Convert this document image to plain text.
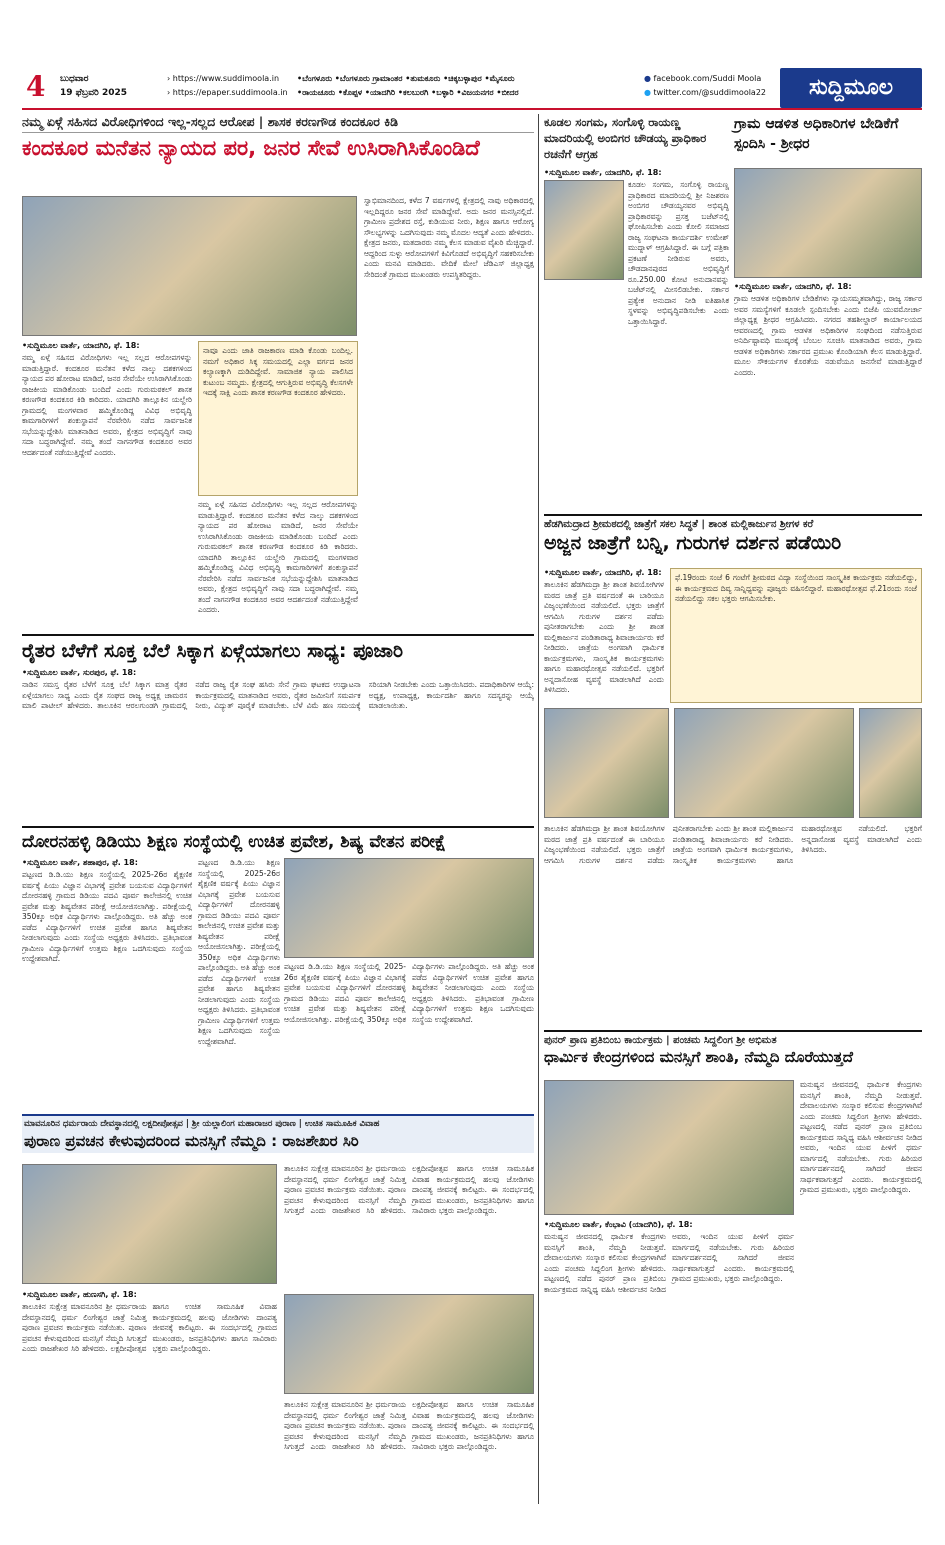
4 ಬುಧವಾರ
19 ಫೆಬ್ರವರಿ 2025
› https://www.suddimoola.in
› https://epaper.suddimoola.in
•ಬೆಂಗಳೂರು •ಬೆಂಗಳೂರು ಗ್ರಾಮಾಂತರ •ತುಮಕೂರು •ಚಿಕ್ಕಬಳ್ಳಾಪುರ •ಮೈಸೂರು
•ರಾಯಚೂರು •ಕೊಪ್ಪಳ •ಯಾದಗಿರಿ •ಕಲಬುರಗಿ •ಬಳ್ಳಾರಿ •ವಿಜಯನಗರ •ಬೀದರ
● facebook.com/Suddi Moola
● twitter.com/@suddimoola22	ಸುದ್ದಿಮೂಲ
ನಮ್ಮ ಏಳ್ಗೆ ಸಹಿಸದ ವಿರೋಧಿಗಳಿಂದ ಇಲ್ಲ-ಸಲ್ಲದ ಆರೋಪ | ಶಾಸಕ ಕರಣಗೌಡ ಕಂದಕೂರ ಕಿಡಿ
ಕಂದಕೂರ ಮನೆತನ ನ್ಯಾಯದ ಪರ, ಜನರ ಸೇವೆ ಉಸಿರಾಗಿಸಿಕೊಂಡಿದೆ
•ಸುದ್ದಿಮೂಲ ವಾರ್ತೆ, ಯಾದಗಿರಿ, ಫೆ. 18:
ನಮ್ಮ ಏಳ್ಗೆ ಸಹಿಸದ ವಿರೋಧಿಗಳು ಇಲ್ಲ ಸಲ್ಲದ ಆರೋಪಗಳನ್ನು ಮಾಡುತ್ತಿದ್ದಾರೆ. ಕಂದಕೂರ ಮನೆತನ ಕಳೆದ ನಾಲ್ಕು ದಶಕಗಳಿಂದ ನ್ಯಾಯದ ಪರ ಹೋರಾಟ ಮಾಡಿದೆ, ಜನರ ಸೇವೆಯೇ ಉಸಿರಾಗಿಸಿಕೊಂಡು ರಾಜಕೀಯ ಮಾಡಿಕೊಂಡು ಬಂದಿದೆ ಎಂದು ಗುರುಮಠಕಲ್ ಶಾಸಕ ಕರಣಗೌಡ ಕಂದಕೂರ ಕಿಡಿ ಕಾರಿದರು. ಯಾದಗಿರಿ ತಾಲ್ಲೂಕಿನ ಯಲ್ಹೇರಿ ಗ್ರಾಮದಲ್ಲಿ ಮಂಗಳವಾರ ಹಮ್ಮಿಕೊಂಡಿದ್ದ ವಿವಿಧ ಅಭಿವೃದ್ಧಿ ಕಾಮಗಾರಿಗಳಿಗೆ ಶಂಕುಸ್ಥಾಪನೆ ನೆರವೇರಿಸಿ ನಡೆದ ಸಾರ್ವಜನಿಕ ಸಭೆಯನ್ನುದ್ದೇಶಿಸಿ ಮಾತನಾಡಿದ ಅವರು, ಕ್ಷೇತ್ರದ ಅಭಿವೃದ್ಧಿಗೆ ನಾವು ಸದಾ ಬದ್ಧರಾಗಿದ್ದೇವೆ. ನಮ್ಮ ತಂದೆ ನಾಗನಗೌಡ ಕಂದಕೂರ ಅವರ ಆದರ್ಶದಂತೆ ನಡೆಯುತ್ತಿದ್ದೇವೆ ಎಂದರು.
ಸ್ವಾಭಿಮಾನದಿಂದ, ಕಳೆದ 7 ವರ್ಷಗಳಲ್ಲಿ ಕ್ಷೇತ್ರದಲ್ಲಿ ನಾವು ಅಧಿಕಾರದಲ್ಲಿ ಇಲ್ಲದಿದ್ದರೂ ಜನರ ಸೇವೆ ಮಾಡಿದ್ದೇವೆ. ಅದು ಜನರ ಮನಸ್ಸಿನಲ್ಲಿದೆ. ಗ್ರಾಮೀಣ ಪ್ರದೇಶದ ರಸ್ತೆ, ಕುಡಿಯುವ ನೀರು, ಶಿಕ್ಷಣ ಹಾಗೂ ಆರೋಗ್ಯ ಸೌಲಭ್ಯಗಳನ್ನು ಒದಗಿಸುವುದು ನಮ್ಮ ಮೊದಲ ಆದ್ಯತೆ ಎಂದು ಹೇಳಿದರು. ಕ್ಷೇತ್ರದ ಜನರು, ಮತದಾರರು ನಮ್ಮ ಕೆಲಸ ಮಾಡುವ ವೈಖರಿ ಮೆಚ್ಚಿದ್ದಾರೆ. ಆದ್ದರಿಂದ ಸುಳ್ಳು ಆರೋಪಗಳಿಗೆ ಕಿವಿಗೊಡದೆ ಅಭಿವೃದ್ಧಿಗೆ ಸಹಕರಿಸಬೇಕು ಎಂದು ಮನವಿ ಮಾಡಿದರು. ವೇದಿಕೆ ಮೇಲೆ ಜೆಡಿಎಸ್ ಜಿಲ್ಲಾಧ್ಯಕ್ಷ ಸೇರಿದಂತೆ ಗ್ರಾಮದ ಮುಖಂಡರು ಉಪಸ್ಥಿತರಿದ್ದರು.
ನಾವೂ ಎಂದು ಜಾತಿ ರಾಜಕಾರಣ ಮಾಡಿ ಕೊಂಡು ಬಂದಿಲ್ಲ. ನಮಗೆ ಅಧಿಕಾರ ಸಿಕ್ಕ ಸಮಯದಲ್ಲಿ ಎಲ್ಲಾ ವರ್ಗದ ಜನರ ಕಲ್ಯಾಣಕ್ಕಾಗಿ ದುಡಿದಿದ್ದೇವೆ. ಸಾಮಾಜಿಕ ನ್ಯಾಯ ಪಾಲಿಸಿದ ಕುಟುಂಬ ನಮ್ಮದು. ಕ್ಷೇತ್ರದಲ್ಲಿ ಆಗುತ್ತಿರುವ ಅಭಿವೃದ್ಧಿ ಕೆಲಸಗಳೇ ಇದಕ್ಕೆ ಸಾಕ್ಷಿ ಎಂದು ಶಾಸಕ ಕರಣಗೌಡ ಕಂದಕೂರ ಹೇಳಿದರು.
ನಮ್ಮ ಏಳ್ಗೆ ಸಹಿಸದ ವಿರೋಧಿಗಳು ಇಲ್ಲ ಸಲ್ಲದ ಆರೋಪಗಳನ್ನು ಮಾಡುತ್ತಿದ್ದಾರೆ. ಕಂದಕೂರ ಮನೆತನ ಕಳೆದ ನಾಲ್ಕು ದಶಕಗಳಿಂದ ನ್ಯಾಯದ ಪರ ಹೋರಾಟ ಮಾಡಿದೆ, ಜನರ ಸೇವೆಯೇ ಉಸಿರಾಗಿಸಿಕೊಂಡು ರಾಜಕೀಯ ಮಾಡಿಕೊಂಡು ಬಂದಿದೆ ಎಂದು ಗುರುಮಠಕಲ್ ಶಾಸಕ ಕರಣಗೌಡ ಕಂದಕೂರ ಕಿಡಿ ಕಾರಿದರು. ಯಾದಗಿರಿ ತಾಲ್ಲೂಕಿನ ಯಲ್ಹೇರಿ ಗ್ರಾಮದಲ್ಲಿ ಮಂಗಳವಾರ ಹಮ್ಮಿಕೊಂಡಿದ್ದ ವಿವಿಧ ಅಭಿವೃದ್ಧಿ ಕಾಮಗಾರಿಗಳಿಗೆ ಶಂಕುಸ್ಥಾಪನೆ ನೆರವೇರಿಸಿ ನಡೆದ ಸಾರ್ವಜನಿಕ ಸಭೆಯನ್ನುದ್ದೇಶಿಸಿ ಮಾತನಾಡಿದ ಅವರು, ಕ್ಷೇತ್ರದ ಅಭಿವೃದ್ಧಿಗೆ ನಾವು ಸದಾ ಬದ್ಧರಾಗಿದ್ದೇವೆ. ನಮ್ಮ ತಂದೆ ನಾಗನಗೌಡ ಕಂದಕೂರ ಅವರ ಆದರ್ಶದಂತೆ ನಡೆಯುತ್ತಿದ್ದೇವೆ ಎಂದರು.
ಕೂಡಲ ಸಂಗಮ, ಸಂಗೊಳ್ಳಿ ರಾಯಣ್ಣ ಮಾದರಿಯಲ್ಲಿ ಅಂಬಿಗರ ಚೌಡಯ್ಯ ಪ್ರಾಧಿಕಾರ ರಚನೆಗೆ ಆಗ್ರಹ
•ಸುದ್ದಿಮೂಲ ವಾರ್ತೆ, ಯಾದಗಿರಿ, ಫೆ. 18:
ಕೂಡಲ ಸಂಗಮ, ಸಂಗೊಳ್ಳಿ ರಾಯಣ್ಣ ಪ್ರಾಧಿಕಾರದ ಮಾದರಿಯಲ್ಲಿ ಶ್ರೀ ನಿಜಶರಣ ಅಂಬಿಗರ ಚೌಡಯ್ಯನವರ ಅಭಿವೃದ್ಧಿ ಪ್ರಾಧಿಕಾರವನ್ನು ಪ್ರಸಕ್ತ ಬಜೆಟ್‌ನಲ್ಲಿ ಘೋಷಿಸಬೇಕು ಎಂದು ಕೋಲಿ ಸಮಾಜದ ರಾಜ್ಯ ಸಂಘಟನಾ ಕಾರ್ಯದರ್ಶಿ ಉಮೇಶ್ ಮುದ್ನಾಳ್ ಆಗ್ರಹಿಸಿದ್ದಾರೆ. ಈ ಬಗ್ಗೆ ಪತ್ರಿಕಾ ಪ್ರಕಟಣೆ ನೀಡಿರುವ ಅವರು, ಚೌಡದಾನಪುರದ ಅಭಿವೃದ್ಧಿಗೆ ರೂ.250.00 ಕೋಟಿ ಅನುದಾನವನ್ನು ಬಜೆಟ್‌ನಲ್ಲಿ ಮೀಸಲಿಡಬೇಕು. ಸರ್ಕಾರ ಪ್ರತ್ಯೇಕ ಅನುದಾನ ನೀಡಿ ಐತಿಹಾಸಿಕ ಸ್ಥಳವನ್ನು ಅಭಿವೃದ್ಧಿಪಡಿಸಬೇಕು ಎಂದು ಒತ್ತಾಯಿಸಿದ್ದಾರೆ.
ಗ್ರಾಮ ಆಡಳಿತ ಅಧಿಕಾರಿಗಳ ಬೇಡಿಕೆಗೆ ಸ್ಪಂದಿಸಿ - ಶ್ರೀಧರ
•ಸುದ್ದಿಮೂಲ ವಾರ್ತೆ, ಯಾದಗಿರಿ, ಫೆ. 18:
ಗ್ರಾಮ ಆಡಳಿತ ಅಧಿಕಾರಿಗಳ ಬೇಡಿಕೆಗಳು ನ್ಯಾಯಸಮ್ಮತವಾಗಿದ್ದು, ರಾಜ್ಯ ಸರ್ಕಾರ ಅವರ ಸಮಸ್ಯೆಗಳಿಗೆ ಕೂಡಲೇ ಸ್ಪಂದಿಸಬೇಕು ಎಂದು ಬಿಜೆಪಿ ಯುವಮೋರ್ಚಾ ಜಿಲ್ಲಾಧ್ಯಕ್ಷ ಶ್ರೀಧರ ಆಗ್ರಹಿಸಿದರು. ನಗರದ ತಹಶೀಲ್ದಾರ್ ಕಾರ್ಯಾಲಯದ ಆವರಣದಲ್ಲಿ ಗ್ರಾಮ ಆಡಳಿತ ಅಧಿಕಾರಿಗಳ ಸಂಘದಿಂದ ನಡೆಸುತ್ತಿರುವ ಅನಿರ್ದಿಷ್ಟಾವಧಿ ಮುಷ್ಕರಕ್ಕೆ ಬೆಂಬಲ ಸೂಚಿಸಿ ಮಾತನಾಡಿದ ಅವರು, ಗ್ರಾಮ ಆಡಳಿತ ಅಧಿಕಾರಿಗಳು ಸರ್ಕಾರದ ಪ್ರಮುಖ ಕೊಂಡಿಯಾಗಿ ಕೆಲಸ ಮಾಡುತ್ತಿದ್ದಾರೆ. ಮೂಲ ಸೌಕರ್ಯಗಳ ಕೊರತೆಯ ನಡುವೆಯೂ ಜನಸೇವೆ ಮಾಡುತ್ತಿದ್ದಾರೆ ಎಂದರು.
ರೈತರ ಬೆಳೆಗೆ ಸೂಕ್ತ ಬೆಲೆ ಸಿಕ್ಕಾಗ ಏಳ್ಗೆಯಾಗಲು ಸಾಧ್ಯ: ಪೂಜಾರಿ
•ಸುದ್ದಿಮೂಲ ವಾರ್ತೆ, ಸುರಪುರ, ಫೆ. 18:
ನಾಡಿನ ಸಮಸ್ತ ರೈತರ ಬೆಳೆಗೆ ಸೂಕ್ತ ಬೆಲೆ ಸಿಕ್ಕಾಗ ಮಾತ್ರ ರೈತರ ಏಳ್ಗೆಯಾಗಲು ಸಾಧ್ಯ ಎಂದು ರೈತ ಸಂಘದ ರಾಜ್ಯ ಅಧ್ಯಕ್ಷ ಚಾಮರಸ ಮಾಲಿ ಪಾಟೀಲ್ ಹೇಳಿದರು. ತಾಲೂಕಿನ ಆರಲಗುಂಡಗಿ ಗ್ರಾಮದಲ್ಲಿ ನಡೆದ ರಾಜ್ಯ ರೈತ ಸಂಘ ಹಸಿರು ಸೇನೆ ಗ್ರಾಮ ಘಟಕದ ಉದ್ಘಾಟನಾ ಕಾರ್ಯಕ್ರಮದಲ್ಲಿ ಮಾತನಾಡಿದ ಅವರು, ರೈತರ ಜಮೀನಿಗೆ ಸಮರ್ಪಕ ನೀರು, ವಿದ್ಯುತ್ ಪೂರೈಕೆ ಮಾಡಬೇಕು. ಬೆಳೆ ವಿಮೆ ಹಣ ಸಮಯಕ್ಕೆ ಸರಿಯಾಗಿ ನೀಡಬೇಕು ಎಂದು ಒತ್ತಾಯಿಸಿದರು. ಪದಾಧಿಕಾರಿಗಳ ಆಯ್ಕೆ: ಅಧ್ಯಕ್ಷ, ಉಪಾಧ್ಯಕ್ಷ, ಕಾರ್ಯದರ್ಶಿ ಹಾಗೂ ಸದಸ್ಯರನ್ನು ಆಯ್ಕೆ ಮಾಡಲಾಯಿತು.
ದೋರನಹಳ್ಳಿ ಡಿಡಿಯು ಶಿಕ್ಷಣ ಸಂಸ್ಥೆಯಲ್ಲಿ ಉಚಿತ ಪ್ರವೇಶ, ಶಿಷ್ಯ ವೇತನ ಪರೀಕ್ಷೆ
•ಸುದ್ದಿಮೂಲ ವಾರ್ತೆ, ಶಹಾಪುರ, ಫೆ. 18:
ಪಟ್ಟಣದ ಡಿ.ಡಿ.ಯು ಶಿಕ್ಷಣ ಸಂಸ್ಥೆಯಲ್ಲಿ 2025-26ರ ಶೈಕ್ಷಣಿಕ ವರ್ಷಕ್ಕೆ ಪಿಯು ವಿಜ್ಞಾನ ವಿಭಾಗಕ್ಕೆ ಪ್ರವೇಶ ಬಯಸುವ ವಿದ್ಯಾರ್ಥಿಗಳಿಗೆ ದೋರನಹಳ್ಳಿ ಗ್ರಾಮದ ಡಿಡಿಯು ಪದವಿ ಪೂರ್ವ ಕಾಲೇಜಿನಲ್ಲಿ ಉಚಿತ ಪ್ರವೇಶ ಮತ್ತು ಶಿಷ್ಯವೇತನ ಪರೀಕ್ಷೆ ಆಯೋಜಿಸಲಾಗಿತ್ತು. ಪರೀಕ್ಷೆಯಲ್ಲಿ 350ಕ್ಕೂ ಅಧಿಕ ವಿದ್ಯಾರ್ಥಿಗಳು ಪಾಲ್ಗೊಂಡಿದ್ದರು. ಅತಿ ಹೆಚ್ಚು ಅಂಕ ಪಡೆದ ವಿದ್ಯಾರ್ಥಿಗಳಿಗೆ ಉಚಿತ ಪ್ರವೇಶ ಹಾಗೂ ಶಿಷ್ಯವೇತನ ನೀಡಲಾಗುವುದು ಎಂದು ಸಂಸ್ಥೆಯ ಅಧ್ಯಕ್ಷರು ತಿಳಿಸಿದರು. ಪ್ರತಿಭಾವಂತ ಗ್ರಾಮೀಣ ವಿದ್ಯಾರ್ಥಿಗಳಿಗೆ ಉತ್ತಮ ಶಿಕ್ಷಣ ಒದಗಿಸುವುದು ಸಂಸ್ಥೆಯ ಉದ್ದೇಶವಾಗಿದೆ.
ಪಟ್ಟಣದ ಡಿ.ಡಿ.ಯು ಶಿಕ್ಷಣ ಸಂಸ್ಥೆಯಲ್ಲಿ 2025-26ರ ಶೈಕ್ಷಣಿಕ ವರ್ಷಕ್ಕೆ ಪಿಯು ವಿಜ್ಞಾನ ವಿಭಾಗಕ್ಕೆ ಪ್ರವೇಶ ಬಯಸುವ ವಿದ್ಯಾರ್ಥಿಗಳಿಗೆ ದೋರನಹಳ್ಳಿ ಗ್ರಾಮದ ಡಿಡಿಯು ಪದವಿ ಪೂರ್ವ ಕಾಲೇಜಿನಲ್ಲಿ ಉಚಿತ ಪ್ರವೇಶ ಮತ್ತು ಶಿಷ್ಯವೇತನ ಪರೀಕ್ಷೆ ಆಯೋಜಿಸಲಾಗಿತ್ತು. ಪರೀಕ್ಷೆಯಲ್ಲಿ 350ಕ್ಕೂ ಅಧಿಕ ವಿದ್ಯಾರ್ಥಿಗಳು ಪಾಲ್ಗೊಂಡಿದ್ದರು. ಅತಿ ಹೆಚ್ಚು ಅಂಕ ಪಡೆದ ವಿದ್ಯಾರ್ಥಿಗಳಿಗೆ ಉಚಿತ ಪ್ರವೇಶ ಹಾಗೂ ಶಿಷ್ಯವೇತನ ನೀಡಲಾಗುವುದು ಎಂದು ಸಂಸ್ಥೆಯ ಅಧ್ಯಕ್ಷರು ತಿಳಿಸಿದರು. ಪ್ರತಿಭಾವಂತ ಗ್ರಾಮೀಣ ವಿದ್ಯಾರ್ಥಿಗಳಿಗೆ ಉತ್ತಮ ಶಿಕ್ಷಣ ಒದಗಿಸುವುದು ಸಂಸ್ಥೆಯ ಉದ್ದೇಶವಾಗಿದೆ.
ಪಟ್ಟಣದ ಡಿ.ಡಿ.ಯು ಶಿಕ್ಷಣ ಸಂಸ್ಥೆಯಲ್ಲಿ 2025-26ರ ಶೈಕ್ಷಣಿಕ ವರ್ಷಕ್ಕೆ ಪಿಯು ವಿಜ್ಞಾನ ವಿಭಾಗಕ್ಕೆ ಪ್ರವೇಶ ಬಯಸುವ ವಿದ್ಯಾರ್ಥಿಗಳಿಗೆ ದೋರನಹಳ್ಳಿ ಗ್ರಾಮದ ಡಿಡಿಯು ಪದವಿ ಪೂರ್ವ ಕಾಲೇಜಿನಲ್ಲಿ ಉಚಿತ ಪ್ರವೇಶ ಮತ್ತು ಶಿಷ್ಯವೇತನ ಪರೀಕ್ಷೆ ಆಯೋಜಿಸಲಾಗಿತ್ತು. ಪರೀಕ್ಷೆಯಲ್ಲಿ 350ಕ್ಕೂ ಅಧಿಕ ವಿದ್ಯಾರ್ಥಿಗಳು ಪಾಲ್ಗೊಂಡಿದ್ದರು. ಅತಿ ಹೆಚ್ಚು ಅಂಕ ಪಡೆದ ವಿದ್ಯಾರ್ಥಿಗಳಿಗೆ ಉಚಿತ ಪ್ರವೇಶ ಹಾಗೂ ಶಿಷ್ಯವೇತನ ನೀಡಲಾಗುವುದು ಎಂದು ಸಂಸ್ಥೆಯ ಅಧ್ಯಕ್ಷರು ತಿಳಿಸಿದರು. ಪ್ರತಿಭಾವಂತ ಗ್ರಾಮೀಣ ವಿದ್ಯಾರ್ಥಿಗಳಿಗೆ ಉತ್ತಮ ಶಿಕ್ಷಣ ಒದಗಿಸುವುದು ಸಂಸ್ಥೆಯ ಉದ್ದೇಶವಾಗಿದೆ.
ಹೆಡಗಿಮದ್ರಾದ ಶ್ರೀಮಠದಲ್ಲಿ ಜಾತ್ರೆಗೆ ಸಕಲ ಸಿದ್ಧತೆ | ಶಾಂತ ಮಲ್ಲಿಕಾರ್ಜುನ ಶ್ರೀಗಳ ಕರೆ
ಅಜ್ಜನ ಜಾತ್ರೆಗೆ ಬನ್ನಿ, ಗುರುಗಳ ದರ್ಶನ ಪಡೆಯಿರಿ
•ಸುದ್ದಿಮೂಲ ವಾರ್ತೆ, ಯಾದಗಿರಿ, ಫೆ. 18:
ತಾಲೂಕಿನ ಹೆಡಗಿಮದ್ರಾ ಶ್ರೀ ಶಾಂತ ಶಿವಯೋಗಿಗಳ ಮಠದ ಜಾತ್ರೆ ಪ್ರತಿ ವರ್ಷದಂತೆ ಈ ಬಾರಿಯೂ ವಿಜೃಂಭಣೆಯಿಂದ ನಡೆಯಲಿದೆ. ಭಕ್ತರು ಜಾತ್ರೆಗೆ ಆಗಮಿಸಿ ಗುರುಗಳ ದರ್ಶನ ಪಡೆದು ಪುನೀತರಾಗಬೇಕು ಎಂದು ಶ್ರೀ ಶಾಂತ ಮಲ್ಲಿಕಾರ್ಜುನ ಪಂಡಿತಾರಾಧ್ಯ ಶಿವಾಚಾರ್ಯರು ಕರೆ ನೀಡಿದರು. ಜಾತ್ರೆಯ ಅಂಗವಾಗಿ ಧಾರ್ಮಿಕ ಕಾರ್ಯಕ್ರಮಗಳು, ಸಾಂಸ್ಕೃತಿಕ ಕಾರ್ಯಕ್ರಮಗಳು ಹಾಗೂ ಮಹಾರಥೋತ್ಸವ ನಡೆಯಲಿದೆ. ಭಕ್ತರಿಗೆ ಅನ್ನದಾಸೋಹ ವ್ಯವಸ್ಥೆ ಮಾಡಲಾಗಿದೆ ಎಂದು ತಿಳಿಸಿದರು.
ಫೆ.19ರಂದು ಸಂಜೆ 6 ಗಂಟೆಗೆ ಶ್ರೀಮಠದ ವಿದ್ಯಾ ಸಂಸ್ಥೆಯಿಂದ ಸಾಂಸ್ಕೃತಿಕ ಕಾರ್ಯಕ್ರಮ ನಡೆಯಲಿದ್ದು, ಈ ಕಾರ್ಯಕ್ರಮದ ದಿವ್ಯ ಸಾನ್ನಿಧ್ಯವನ್ನು ಪೂಜ್ಯರು ವಹಿಸಲಿದ್ದಾರೆ. ಮಹಾರಥೋತ್ಸವ ಫೆ.21ರಂದು ಸಂಜೆ ನಡೆಯಲಿದ್ದು ಸಕಲ ಭಕ್ತರು ಆಗಮಿಸಬೇಕು.
ತಾಲೂಕಿನ ಹೆಡಗಿಮದ್ರಾ ಶ್ರೀ ಶಾಂತ ಶಿವಯೋಗಿಗಳ ಮಠದ ಜಾತ್ರೆ ಪ್ರತಿ ವರ್ಷದಂತೆ ಈ ಬಾರಿಯೂ ವಿಜೃಂಭಣೆಯಿಂದ ನಡೆಯಲಿದೆ. ಭಕ್ತರು ಜಾತ್ರೆಗೆ ಆಗಮಿಸಿ ಗುರುಗಳ ದರ್ಶನ ಪಡೆದು ಪುನೀತರಾಗಬೇಕು ಎಂದು ಶ್ರೀ ಶಾಂತ ಮಲ್ಲಿಕಾರ್ಜುನ ಪಂಡಿತಾರಾಧ್ಯ ಶಿವಾಚಾರ್ಯರು ಕರೆ ನೀಡಿದರು. ಜಾತ್ರೆಯ ಅಂಗವಾಗಿ ಧಾರ್ಮಿಕ ಕಾರ್ಯಕ್ರಮಗಳು, ಸಾಂಸ್ಕೃತಿಕ ಕಾರ್ಯಕ್ರಮಗಳು ಹಾಗೂ ಮಹಾರಥೋತ್ಸವ ನಡೆಯಲಿದೆ. ಭಕ್ತರಿಗೆ ಅನ್ನದಾಸೋಹ ವ್ಯವಸ್ಥೆ ಮಾಡಲಾಗಿದೆ ಎಂದು ತಿಳಿಸಿದರು.
ಪುನರ್ ಪ್ರಾಣ ಪ್ರತಿಬಿಂಬ ಕಾರ್ಯಕ್ರಮ | ಪಂಚಮ ಸಿದ್ದಲಿಂಗ ಶ್ರೀ ಅಭಿಮತ
ಧಾರ್ಮಿಕ ಕೇಂದ್ರಗಳಿಂದ ಮನಸ್ಸಿಗೆ ಶಾಂತಿ, ನೆಮ್ಮದಿ ದೊರೆಯುತ್ತದೆ
ಮನುಷ್ಯನ ಜೀವನದಲ್ಲಿ ಧಾರ್ಮಿಕ ಕೇಂದ್ರಗಳು ಮನಸ್ಸಿಗೆ ಶಾಂತಿ, ನೆಮ್ಮದಿ ನೀಡುತ್ತವೆ. ದೇವಾಲಯಗಳು ಸಂಸ್ಕಾರ ಕಲಿಸುವ ಕೇಂದ್ರಗಳಾಗಿವೆ ಎಂದು ಪಂಚಮ ಸಿದ್ದಲಿಂಗ ಶ್ರೀಗಳು ಹೇಳಿದರು. ಪಟ್ಟಣದಲ್ಲಿ ನಡೆದ ಪುನರ್ ಪ್ರಾಣ ಪ್ರತಿಬಿಂಬ ಕಾರ್ಯಕ್ರಮದ ಸಾನ್ನಿಧ್ಯ ವಹಿಸಿ ಆಶೀರ್ವಚನ ನೀಡಿದ ಅವರು, ಇಂದಿನ ಯುವ ಪೀಳಿಗೆ ಧರ್ಮ ಮಾರ್ಗದಲ್ಲಿ ನಡೆಯಬೇಕು. ಗುರು ಹಿರಿಯರ ಮಾರ್ಗದರ್ಶನದಲ್ಲಿ ಸಾಗಿದರೆ ಜೀವನ ಸಾರ್ಥಕವಾಗುತ್ತದೆ ಎಂದರು. ಕಾರ್ಯಕ್ರಮದಲ್ಲಿ ಗ್ರಾಮದ ಪ್ರಮುಖರು, ಭಕ್ತರು ಪಾಲ್ಗೊಂಡಿದ್ದರು.
•ಸುದ್ದಿಮೂಲ ವಾರ್ತೆ, ಕೆಂಭಾವಿ (ಯಾದಗಿರಿ), ಫೆ. 18:
ಮನುಷ್ಯನ ಜೀವನದಲ್ಲಿ ಧಾರ್ಮಿಕ ಕೇಂದ್ರಗಳು ಮನಸ್ಸಿಗೆ ಶಾಂತಿ, ನೆಮ್ಮದಿ ನೀಡುತ್ತವೆ. ದೇವಾಲಯಗಳು ಸಂಸ್ಕಾರ ಕಲಿಸುವ ಕೇಂದ್ರಗಳಾಗಿವೆ ಎಂದು ಪಂಚಮ ಸಿದ್ದಲಿಂಗ ಶ್ರೀಗಳು ಹೇಳಿದರು. ಪಟ್ಟಣದಲ್ಲಿ ನಡೆದ ಪುನರ್ ಪ್ರಾಣ ಪ್ರತಿಬಿಂಬ ಕಾರ್ಯಕ್ರಮದ ಸಾನ್ನಿಧ್ಯ ವಹಿಸಿ ಆಶೀರ್ವಚನ ನೀಡಿದ ಅವರು, ಇಂದಿನ ಯುವ ಪೀಳಿಗೆ ಧರ್ಮ ಮಾರ್ಗದಲ್ಲಿ ನಡೆಯಬೇಕು. ಗುರು ಹಿರಿಯರ ಮಾರ್ಗದರ್ಶನದಲ್ಲಿ ಸಾಗಿದರೆ ಜೀವನ ಸಾರ್ಥಕವಾಗುತ್ತದೆ ಎಂದರು. ಕಾರ್ಯಕ್ರಮದಲ್ಲಿ ಗ್ರಾಮದ ಪ್ರಮುಖರು, ಭಕ್ತರು ಪಾಲ್ಗೊಂಡಿದ್ದರು.
ಮಾವನೂರಿನ ಧರ್ಮರಾಯ ದೇವಸ್ಥಾನದಲ್ಲಿ ಲಕ್ಷದೀಪೋತ್ಸವ | ಶ್ರೀ ಯಲ್ಲಾಲಿಂಗ ಮಹಾರಾಜರ ಪುರಾಣ | ಉಚಿತ ಸಾಮೂಹಿಕ ವಿವಾಹ
ಪುರಾಣ ಪ್ರವಚನ ಕೇಳುವುದರಿಂದ ಮನಸ್ಸಿಗೆ ನೆಮ್ಮದಿ : ರಾಜಶೇಖರ ಸಿರಿ
ತಾಲೂಕಿನ ಸುಕ್ಷೇತ್ರ ಮಾವನೂರಿನ ಶ್ರೀ ಧರ್ಮರಾಯ ದೇವಸ್ಥಾನದಲ್ಲಿ ಧರ್ಮ ಲಿಂಗೇಶ್ವರ ಜಾತ್ರೆ ನಿಮಿತ್ತ ಪುರಾಣ ಪ್ರವಚನ ಕಾರ್ಯಕ್ರಮ ನಡೆಯಿತು. ಪುರಾಣ ಪ್ರವಚನ ಕೇಳುವುದರಿಂದ ಮನಸ್ಸಿಗೆ ನೆಮ್ಮದಿ ಸಿಗುತ್ತದೆ ಎಂದು ರಾಜಶೇಖರ ಸಿರಿ ಹೇಳಿದರು. ಲಕ್ಷದೀಪೋತ್ಸವ ಹಾಗೂ ಉಚಿತ ಸಾಮೂಹಿಕ ವಿವಾಹ ಕಾರ್ಯಕ್ರಮದಲ್ಲಿ ಹಲವು ಜೋಡಿಗಳು ದಾಂಪತ್ಯ ಜೀವನಕ್ಕೆ ಕಾಲಿಟ್ಟರು. ಈ ಸಂದರ್ಭದಲ್ಲಿ ಗ್ರಾಮದ ಮುಖಂಡರು, ಜನಪ್ರತಿನಿಧಿಗಳು ಹಾಗೂ ಸಾವಿರಾರು ಭಕ್ತರು ಪಾಲ್ಗೊಂಡಿದ್ದರು.
•ಸುದ್ದಿಮೂಲ ವಾರ್ತೆ, ಹುಣಸಗಿ, ಫೆ. 18:
ತಾಲೂಕಿನ ಸುಕ್ಷೇತ್ರ ಮಾವನೂರಿನ ಶ್ರೀ ಧರ್ಮರಾಯ ದೇವಸ್ಥಾನದಲ್ಲಿ ಧರ್ಮ ಲಿಂಗೇಶ್ವರ ಜಾತ್ರೆ ನಿಮಿತ್ತ ಪುರಾಣ ಪ್ರವಚನ ಕಾರ್ಯಕ್ರಮ ನಡೆಯಿತು. ಪುರಾಣ ಪ್ರವಚನ ಕೇಳುವುದರಿಂದ ಮನಸ್ಸಿಗೆ ನೆಮ್ಮದಿ ಸಿಗುತ್ತದೆ ಎಂದು ರಾಜಶೇಖರ ಸಿರಿ ಹೇಳಿದರು. ಲಕ್ಷದೀಪೋತ್ಸವ ಹಾಗೂ ಉಚಿತ ಸಾಮೂಹಿಕ ವಿವಾಹ ಕಾರ್ಯಕ್ರಮದಲ್ಲಿ ಹಲವು ಜೋಡಿಗಳು ದಾಂಪತ್ಯ ಜೀವನಕ್ಕೆ ಕಾಲಿಟ್ಟರು. ಈ ಸಂದರ್ಭದಲ್ಲಿ ಗ್ರಾಮದ ಮುಖಂಡರು, ಜನಪ್ರತಿನಿಧಿಗಳು ಹಾಗೂ ಸಾವಿರಾರು ಭಕ್ತರು ಪಾಲ್ಗೊಂಡಿದ್ದರು.
ತಾಲೂಕಿನ ಸುಕ್ಷೇತ್ರ ಮಾವನೂರಿನ ಶ್ರೀ ಧರ್ಮರಾಯ ದೇವಸ್ಥಾನದಲ್ಲಿ ಧರ್ಮ ಲಿಂಗೇಶ್ವರ ಜಾತ್ರೆ ನಿಮಿತ್ತ ಪುರಾಣ ಪ್ರವಚನ ಕಾರ್ಯಕ್ರಮ ನಡೆಯಿತು. ಪುರಾಣ ಪ್ರವಚನ ಕೇಳುವುದರಿಂದ ಮನಸ್ಸಿಗೆ ನೆಮ್ಮದಿ ಸಿಗುತ್ತದೆ ಎಂದು ರಾಜಶೇಖರ ಸಿರಿ ಹೇಳಿದರು. ಲಕ್ಷದೀಪೋತ್ಸವ ಹಾಗೂ ಉಚಿತ ಸಾಮೂಹಿಕ ವಿವಾಹ ಕಾರ್ಯಕ್ರಮದಲ್ಲಿ ಹಲವು ಜೋಡಿಗಳು ದಾಂಪತ್ಯ ಜೀವನಕ್ಕೆ ಕಾಲಿಟ್ಟರು. ಈ ಸಂದರ್ಭದಲ್ಲಿ ಗ್ರಾಮದ ಮುಖಂಡರು, ಜನಪ್ರತಿನಿಧಿಗಳು ಹಾಗೂ ಸಾವಿರಾರು ಭಕ್ತರು ಪಾಲ್ಗೊಂಡಿದ್ದರು.
